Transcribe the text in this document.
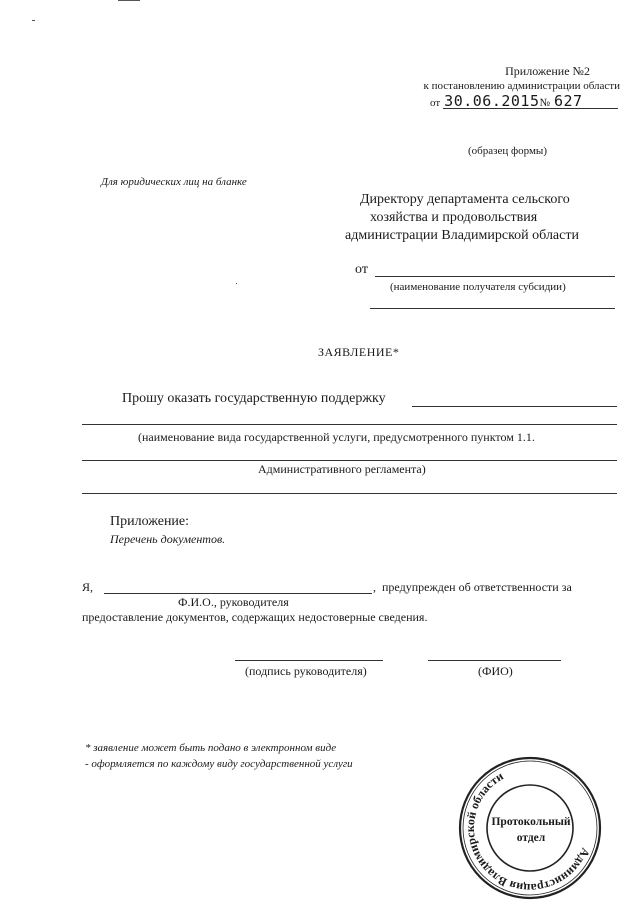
Приложение №2
к постановлению администрации области
от 30.06.2015№ 627
(образец формы)
Для юридических лиц на бланке
Директору департамента сельского
хозяйства и продовольствия
администрации Владимирской области
от
(наименование получателя субсидии)
ЗАЯВЛЕНИЕ*
Прошу оказать государственную поддержку
(наименование вида государственной услуги, предусмотренного пунктом 1.1.
Административного регламента)
Приложение:
Перечень документов.
Я,	, предупрежден об ответственности за
Ф.И.О., руководителя
предоставление документов, содержащих недостоверные сведения.
(подпись руководителя)	(ФИО)
* заявление может быть подано в электронном виде
- оформляется по каждому виду государственной услуги
Администрация Владимирской области
Протокольный
отдел
